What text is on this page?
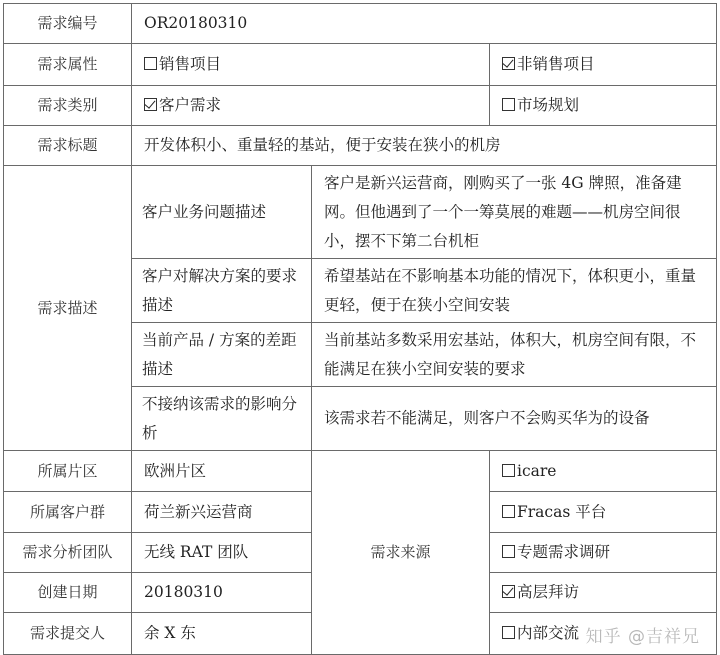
需求编号	OR20180310		
需求属性	销售项目		非销售项目
需求类别	客户需求		市场规划
需求标题	开发体积小、重量轻的基站，便于安装在狭小的机房		
需求描述	客户业务问题描述	客户是新兴运营商，刚购买了一张 4G 牌照，准备建网。但他遇到了一个一筹莫展的难题——机房空间很小，摆不下第二台机柜	
	客户对解决方案的要求描述	希望基站在不影响基本功能的情况下，体积更小，重量更轻，便于在狭小空间安装	
	当前产品 / 方案的差距描述	当前基站多数采用宏基站，体积大，机房空间有限，不能满足在狭小空间安装的要求	
	不接纳该需求的影响分析	该需求若不能满足，则客户不会购买华为的设备	
所属片区	欧洲片区	需求来源	icare
所属客户群	荷兰新兴运营商		Fracas 平台
需求分析团队	无线 RAT 团队		专题需求调研
创建日期	20180310		高层拜访
需求提交人	余 X 东		内部交流 知乎 @吉祥兄
